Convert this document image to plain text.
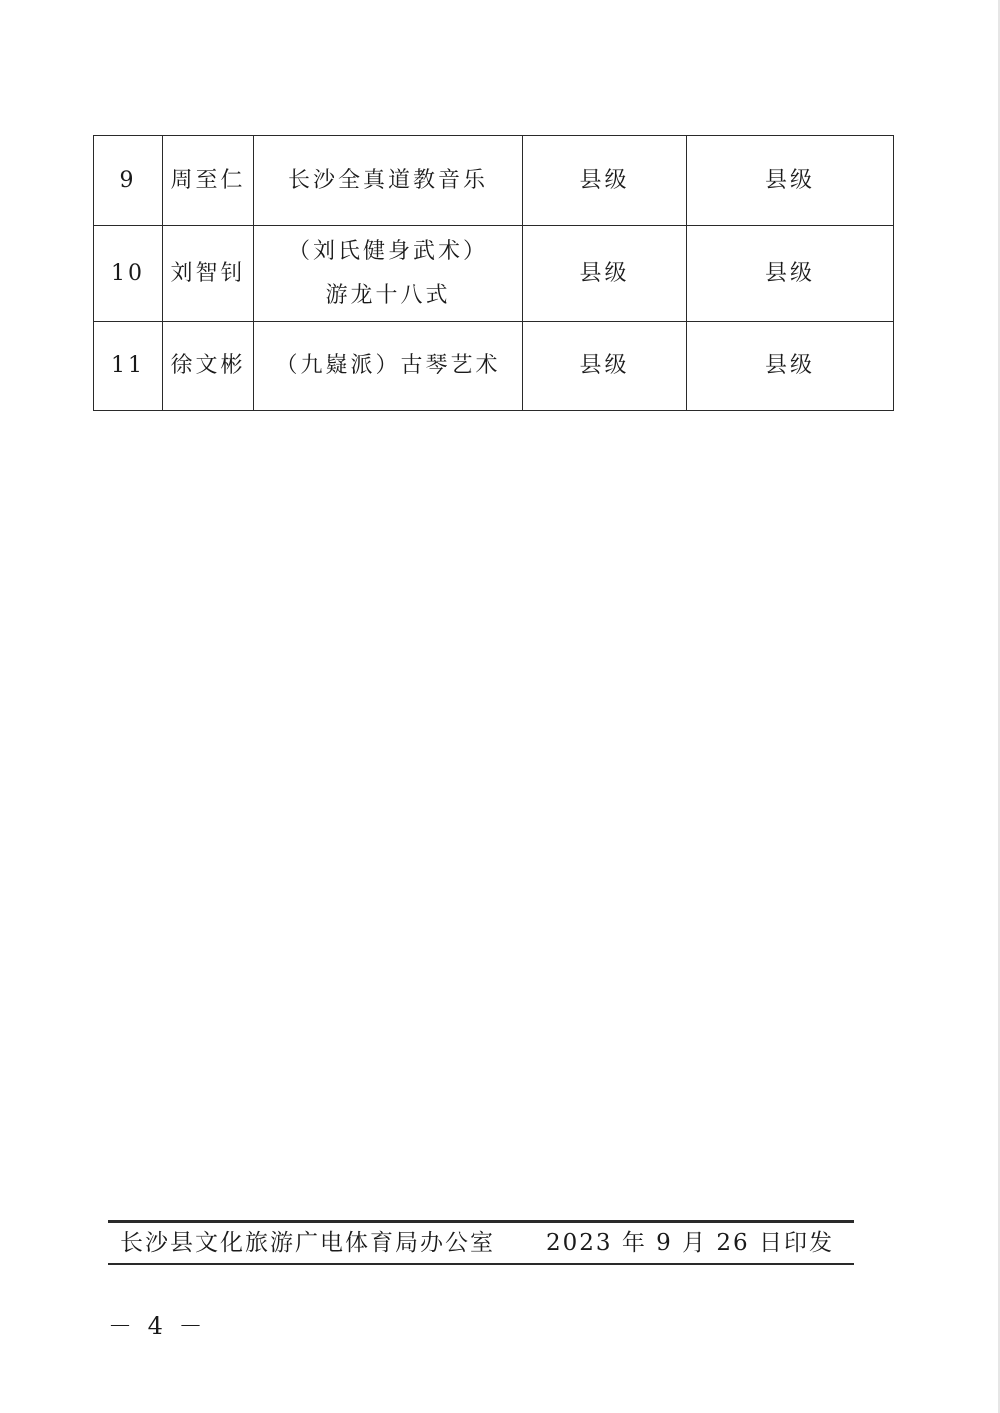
9	周至仁	长沙全真道教音乐	县级	县级
10	刘智钊	（刘氏健身武术）
游龙十八式	县级	县级
11	徐文彬	（九嶷派）古琴艺术	县级	县级
长沙县文化旅游广电体育局办公室 2023 年 9 月 26 日印发
－ 4 －
